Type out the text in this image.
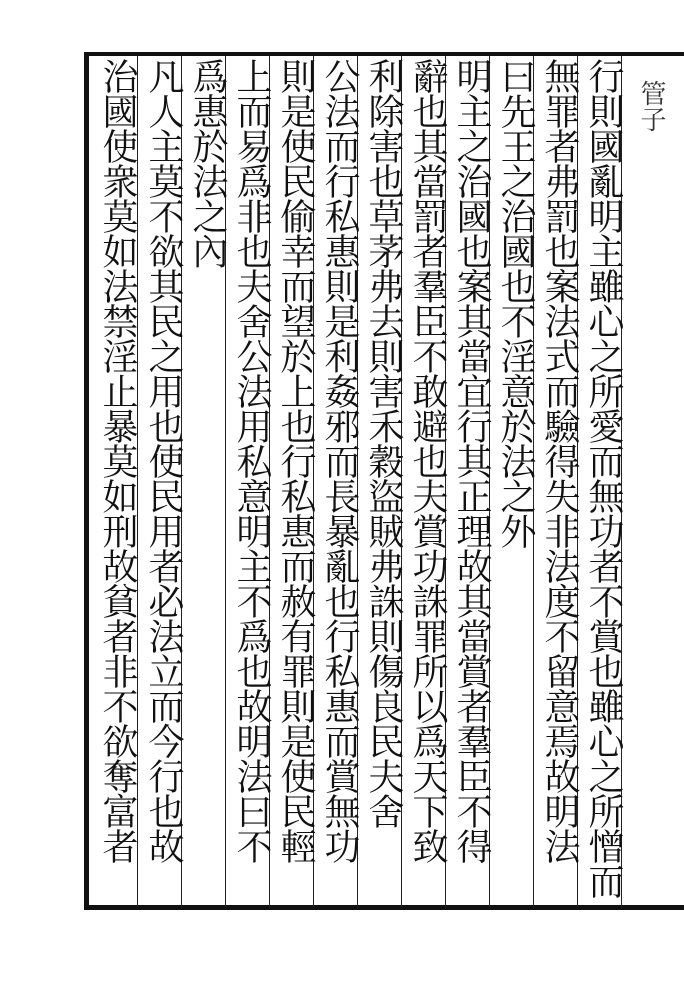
行則國亂明主雖心之所愛而無功者不賞也雖心之所憎而
無罪者弗罰也案法式而驗得失非法度不留意焉故明法
曰先王之治國也不淫意於法之外
明主之治國也案其當宜行其正理故其當賞者羣臣不得
辭也其當罰者羣臣不敢避也夫賞功誅罪所以爲天下致
利除害也草茅弗去則害禾穀盜賊弗誅則傷良民夫舍
公法而行私惠則是利姦邪而長暴亂也行私惠而賞無功
則是使民偷幸而望於上也行私惠而赦有罪則是使民輕
上而易爲非也夫舍公法用私意明主不爲也故明法曰不
爲惠於法之內
凡人主莫不欲其民之用也使民用者必法立而今行也故
治國使衆莫如法禁淫止暴莫如刑故貧者非不欲奪富者	管子
